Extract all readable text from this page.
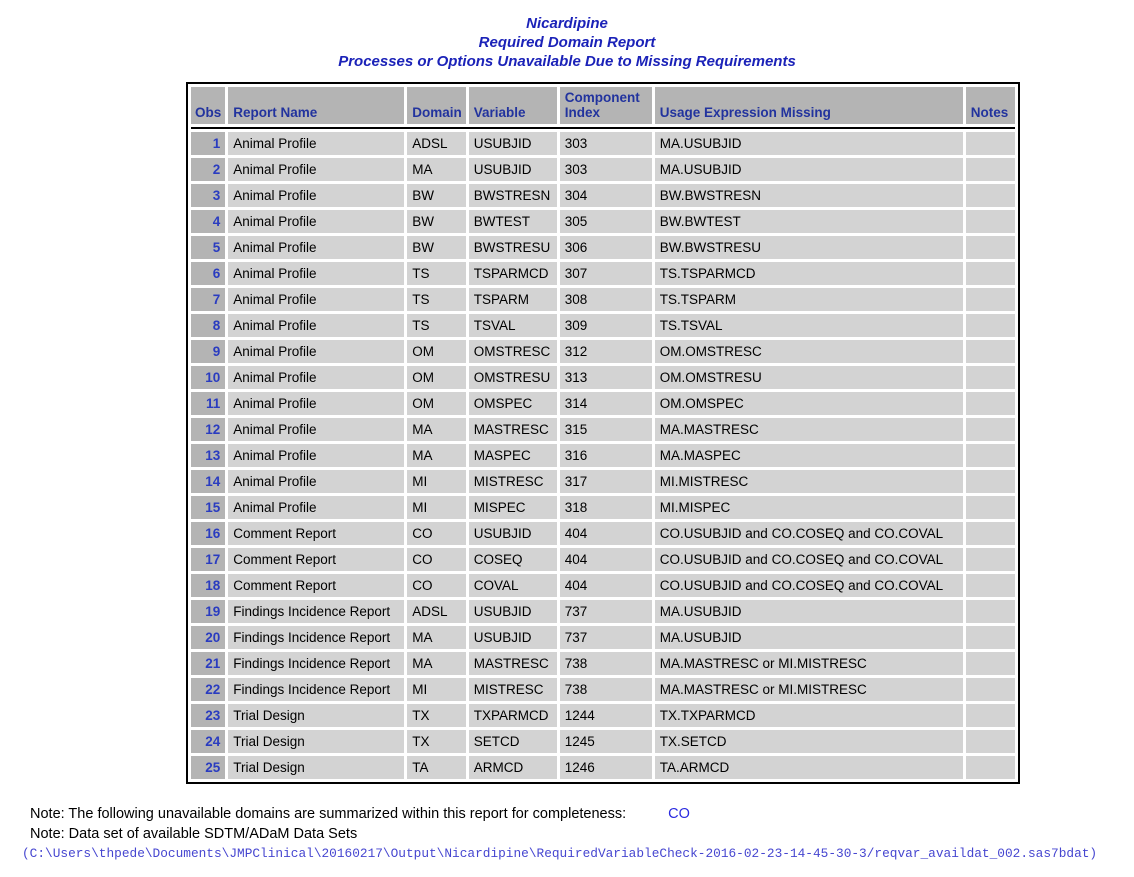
Nicardipine
Required Domain Report
Processes or Options Unavailable Due to Missing Requirements
Obs	Report Name	Domain	Variable	Component Index	Usage Expression Missing	Notes

1	Animal Profile	ADSL	USUBJID	303	MA.USUBJID	
2	Animal Profile	MA	USUBJID	303	MA.USUBJID	
3	Animal Profile	BW	BWSTRESN	304	BW.BWSTRESN	
4	Animal Profile	BW	BWTEST	305	BW.BWTEST	
5	Animal Profile	BW	BWSTRESU	306	BW.BWSTRESU	
6	Animal Profile	TS	TSPARMCD	307	TS.TSPARMCD	
7	Animal Profile	TS	TSPARM	308	TS.TSPARM	
8	Animal Profile	TS	TSVAL	309	TS.TSVAL	
9	Animal Profile	OM	OMSTRESC	312	OM.OMSTRESC	
10	Animal Profile	OM	OMSTRESU	313	OM.OMSTRESU	
11	Animal Profile	OM	OMSPEC	314	OM.OMSPEC	
12	Animal Profile	MA	MASTRESC	315	MA.MASTRESC	
13	Animal Profile	MA	MASPEC	316	MA.MASPEC	
14	Animal Profile	MI	MISTRESC	317	MI.MISTRESC	
15	Animal Profile	MI	MISPEC	318	MI.MISPEC	
16	Comment Report	CO	USUBJID	404	CO.USUBJID and CO.COSEQ and CO.COVAL	
17	Comment Report	CO	COSEQ	404	CO.USUBJID and CO.COSEQ and CO.COVAL	
18	Comment Report	CO	COVAL	404	CO.USUBJID and CO.COSEQ and CO.COVAL	
19	Findings Incidence Report	ADSL	USUBJID	737	MA.USUBJID	
20	Findings Incidence Report	MA	USUBJID	737	MA.USUBJID	
21	Findings Incidence Report	MA	MASTRESC	738	MA.MASTRESC or MI.MISTRESC	
22	Findings Incidence Report	MI	MISTRESC	738	MA.MASTRESC or MI.MISTRESC	
23	Trial Design	TX	TXPARMCD	1244	TX.TXPARMCD	
24	Trial Design	TX	SETCD	1245	TX.SETCD	
25	Trial Design	TA	ARMCD	1246	TA.ARMCD	
Note: The following unavailable domains are summarized within this report for completeness:	CO
Note: Data set of available SDTM/ADaM Data Sets
(C:\Users\thpede\Documents\JMPClinical\20160217\Output\Nicardipine\RequiredVariableCheck-2016-02-23-14-45-30-3/reqvar_availdat_002.sas7bdat)
